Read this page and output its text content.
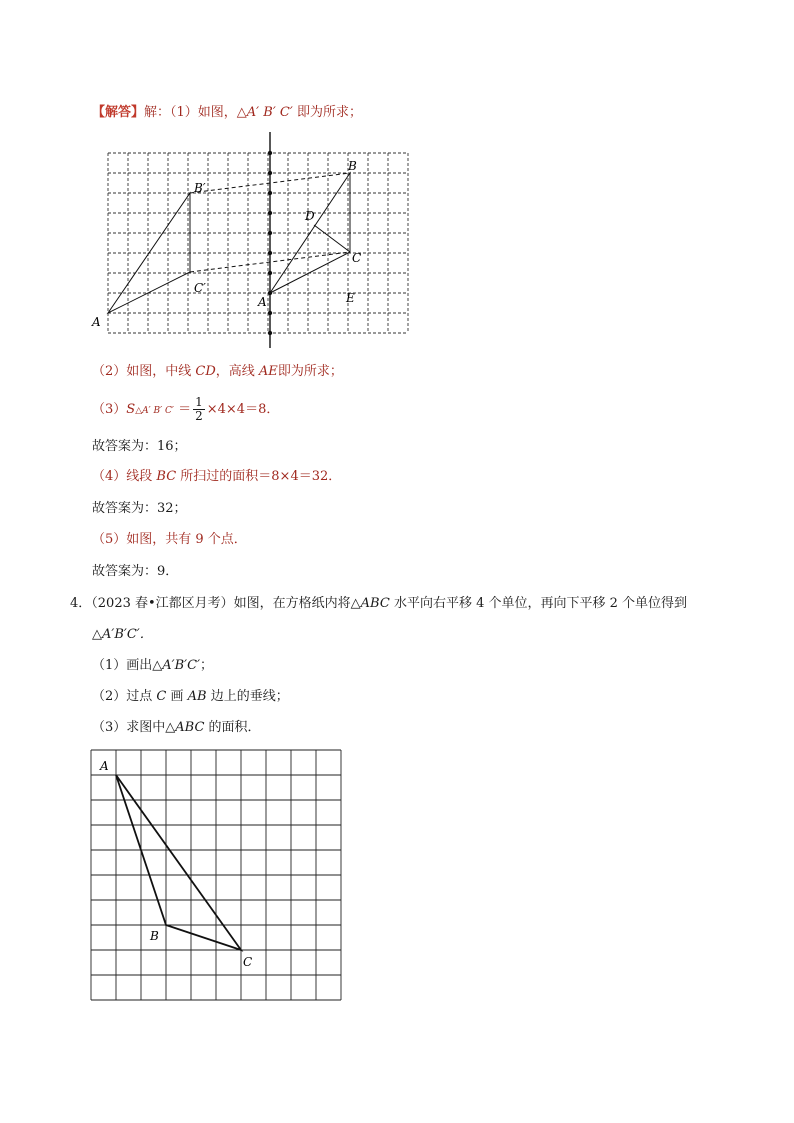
【解答】解：（1）如图，△A′ B′ C′ 即为所求；
A
B′
C′
A
B
C
D
E
（2）如图，中线 CD，高线 AE即为所求；
（3）S△A′ B′ $C' = \frac{1}{2} \times 4\times 4=8$．
故答案为：16；
（4）线段 BC 所扫过的面积＝8×4＝32．
故答案为：32；
（5）如图，共有 9 个点．
故答案为：9．
4．（2023 春•江都区月考）如图，在方格纸内将△ABC 水平向右平移 4 个单位，再向下平移 2 个单位得到
△A′B′C′．
（1）画出△A′B′C′；
（2）过点 C 画 AB 边上的垂线；
（3）求图中△ABC 的面积．
A
B
C
